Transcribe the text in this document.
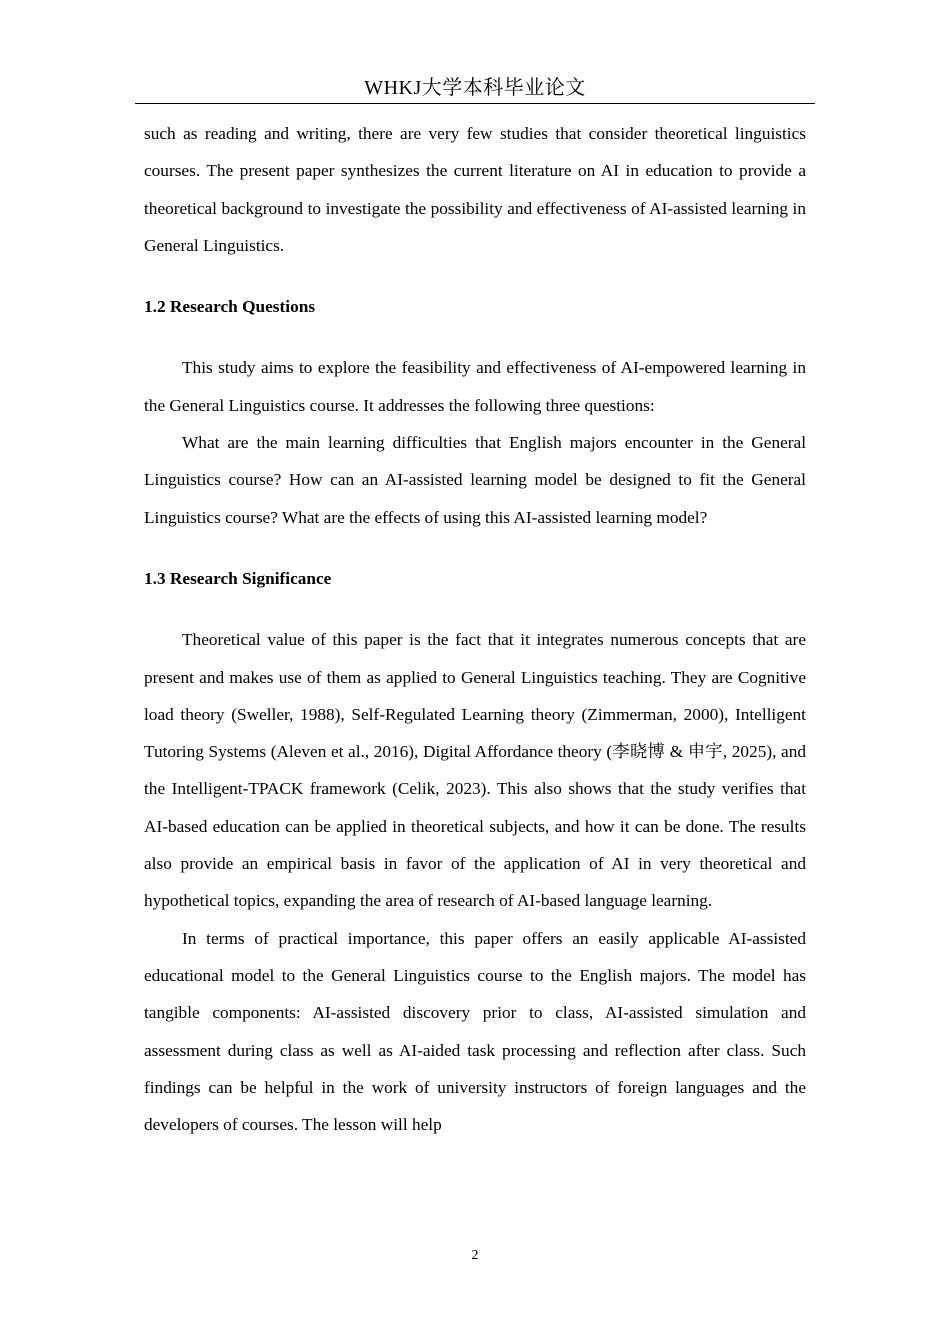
WHKJ大学本科毕业论文

such as reading and writing, there are very few studies that consider theoretical linguistics courses. The present paper synthesizes the current literature on AI in education to provide a theoretical background to investigate the possibility and effectiveness of AI-assisted learning in General Linguistics.

1.2 Research Questions

This study aims to explore the feasibility and effectiveness of AI-empowered learning in the General Linguistics course. It addresses the following three questions:

What are the main learning difficulties that English majors encounter in the General Linguistics course? How can an AI-assisted learning model be designed to fit the General Linguistics course? What are the effects of using this AI-assisted learning model?

1.3 Research Significance

Theoretical value of this paper is the fact that it integrates numerous concepts that are present and makes use of them as applied to General Linguistics teaching. They are Cognitive load theory (Sweller, 1988), Self-Regulated Learning theory (Zimmerman, 2000), Intelligent Tutoring Systems (Aleven et al., 2016), Digital Affordance theory (李晓博 & 申宇, 2025), and the Intelligent-TPACK framework (Celik, 2023). This also shows that the study verifies that AI-based education can be applied in theoretical subjects, and how it can be done. The results also provide an empirical basis in favor of the application of AI in very theoretical and hypothetical topics, expanding the area of research of AI-based language learning.

In terms of practical importance, this paper offers an easily applicable AI-assisted educational model to the General Linguistics course to the English majors. The model has tangible components: AI-assisted discovery prior to class, AI-assisted simulation and assessment during class as well as AI-aided task processing and reflection after class. Such findings can be helpful in the work of university instructors of foreign languages and the developers of courses. The lesson will help

2
